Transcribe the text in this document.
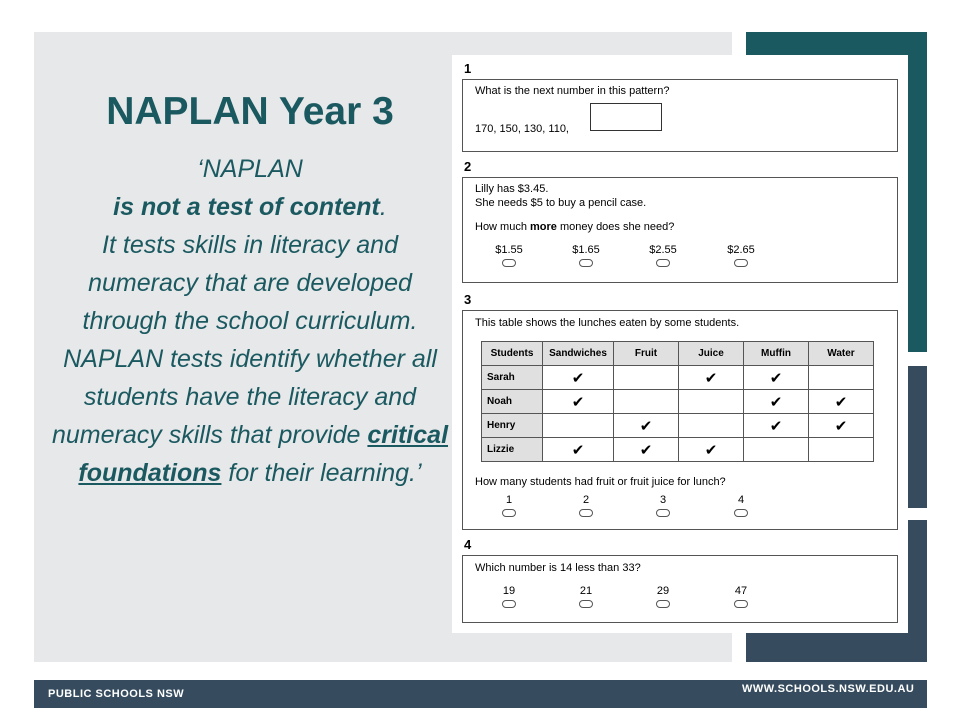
NAPLAN Year 3

‘NAPLAN

is not a test of content.

It tests skills in literacy and numeracy that are developed through the school curriculum. NAPLAN tests identify whether all students have the literacy and numeracy skills that provide critical foundations for their learning.’

1
What is the next number in this pattern?
170, 150, 130, 110,
2
Lilly has $3.45.
She needs $5 to buy a pencil case.
How much more money does she need?
$1.55	$1.65	$2.55	$2.65
3
This table shows the lunches eaten by some students.
Students	Sandwiches	Fruit	Juice	Muffin	Water
Sarah	✔		✔	✔	
Noah	✔			✔	✔
Henry		✔		✔	✔
Lizzie	✔	✔	✔		
How many students had fruit or fruit juice for lunch?
1	2	3	4
4
Which number is 14 less than 33?
19	21	29	47
PUBLIC SCHOOLS NSW	WWW.SCHOOLS.NSW.EDU.AU
